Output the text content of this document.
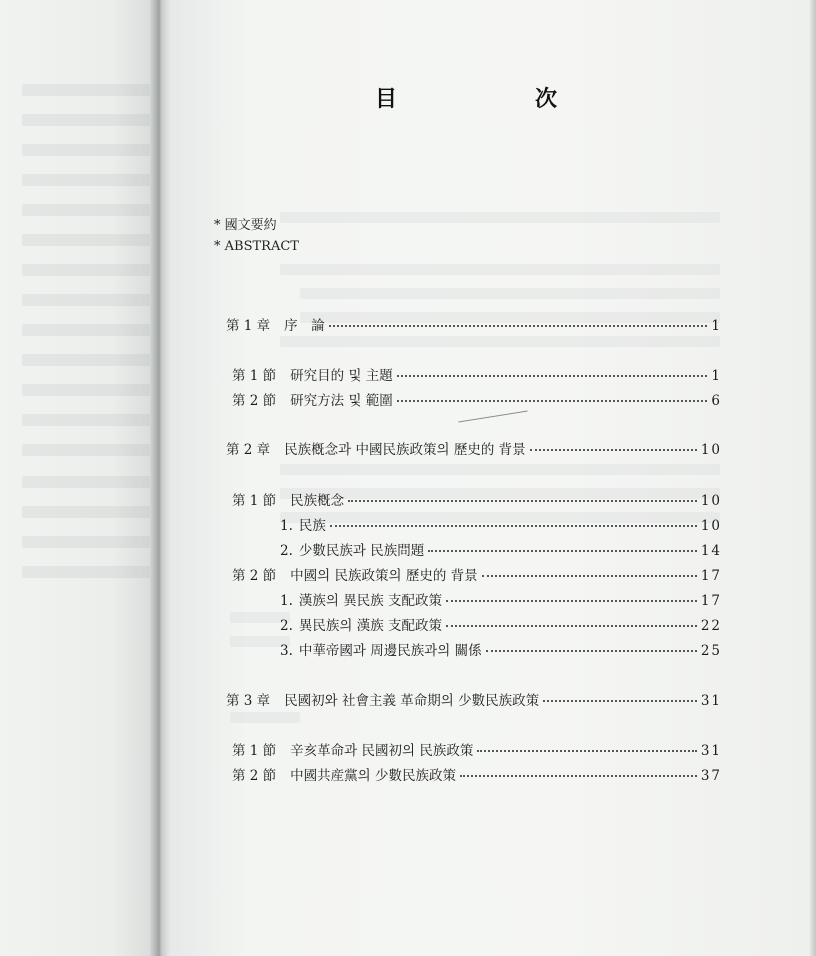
目	次
* 國文要約
* ABSTRACT
第 1 章 序　論	1
第 1 節 研究目的 및 主題	1
第 2 節 研究方法 및 範圍	6
第 2 章 民族槪念과 中國民族政策의 歷史的 背景	10
第 1 節 民族槪念	10
1. 民族	10
2. 少數民族과 民族問題	14
第 2 節 中國의 民族政策의 歷史的 背景	17
1. 漢族의 異民族 支配政策	17
2. 異民族의 漢族 支配政策	22
3. 中華帝國과 周邊民族과의 關係	25
第 3 章 民國初와 社會主義 革命期의 少數民族政策	31
第 1 節 辛亥革命과 民國初의 民族政策	31
第 2 節 中國共産黨의 少數民族政策	37
